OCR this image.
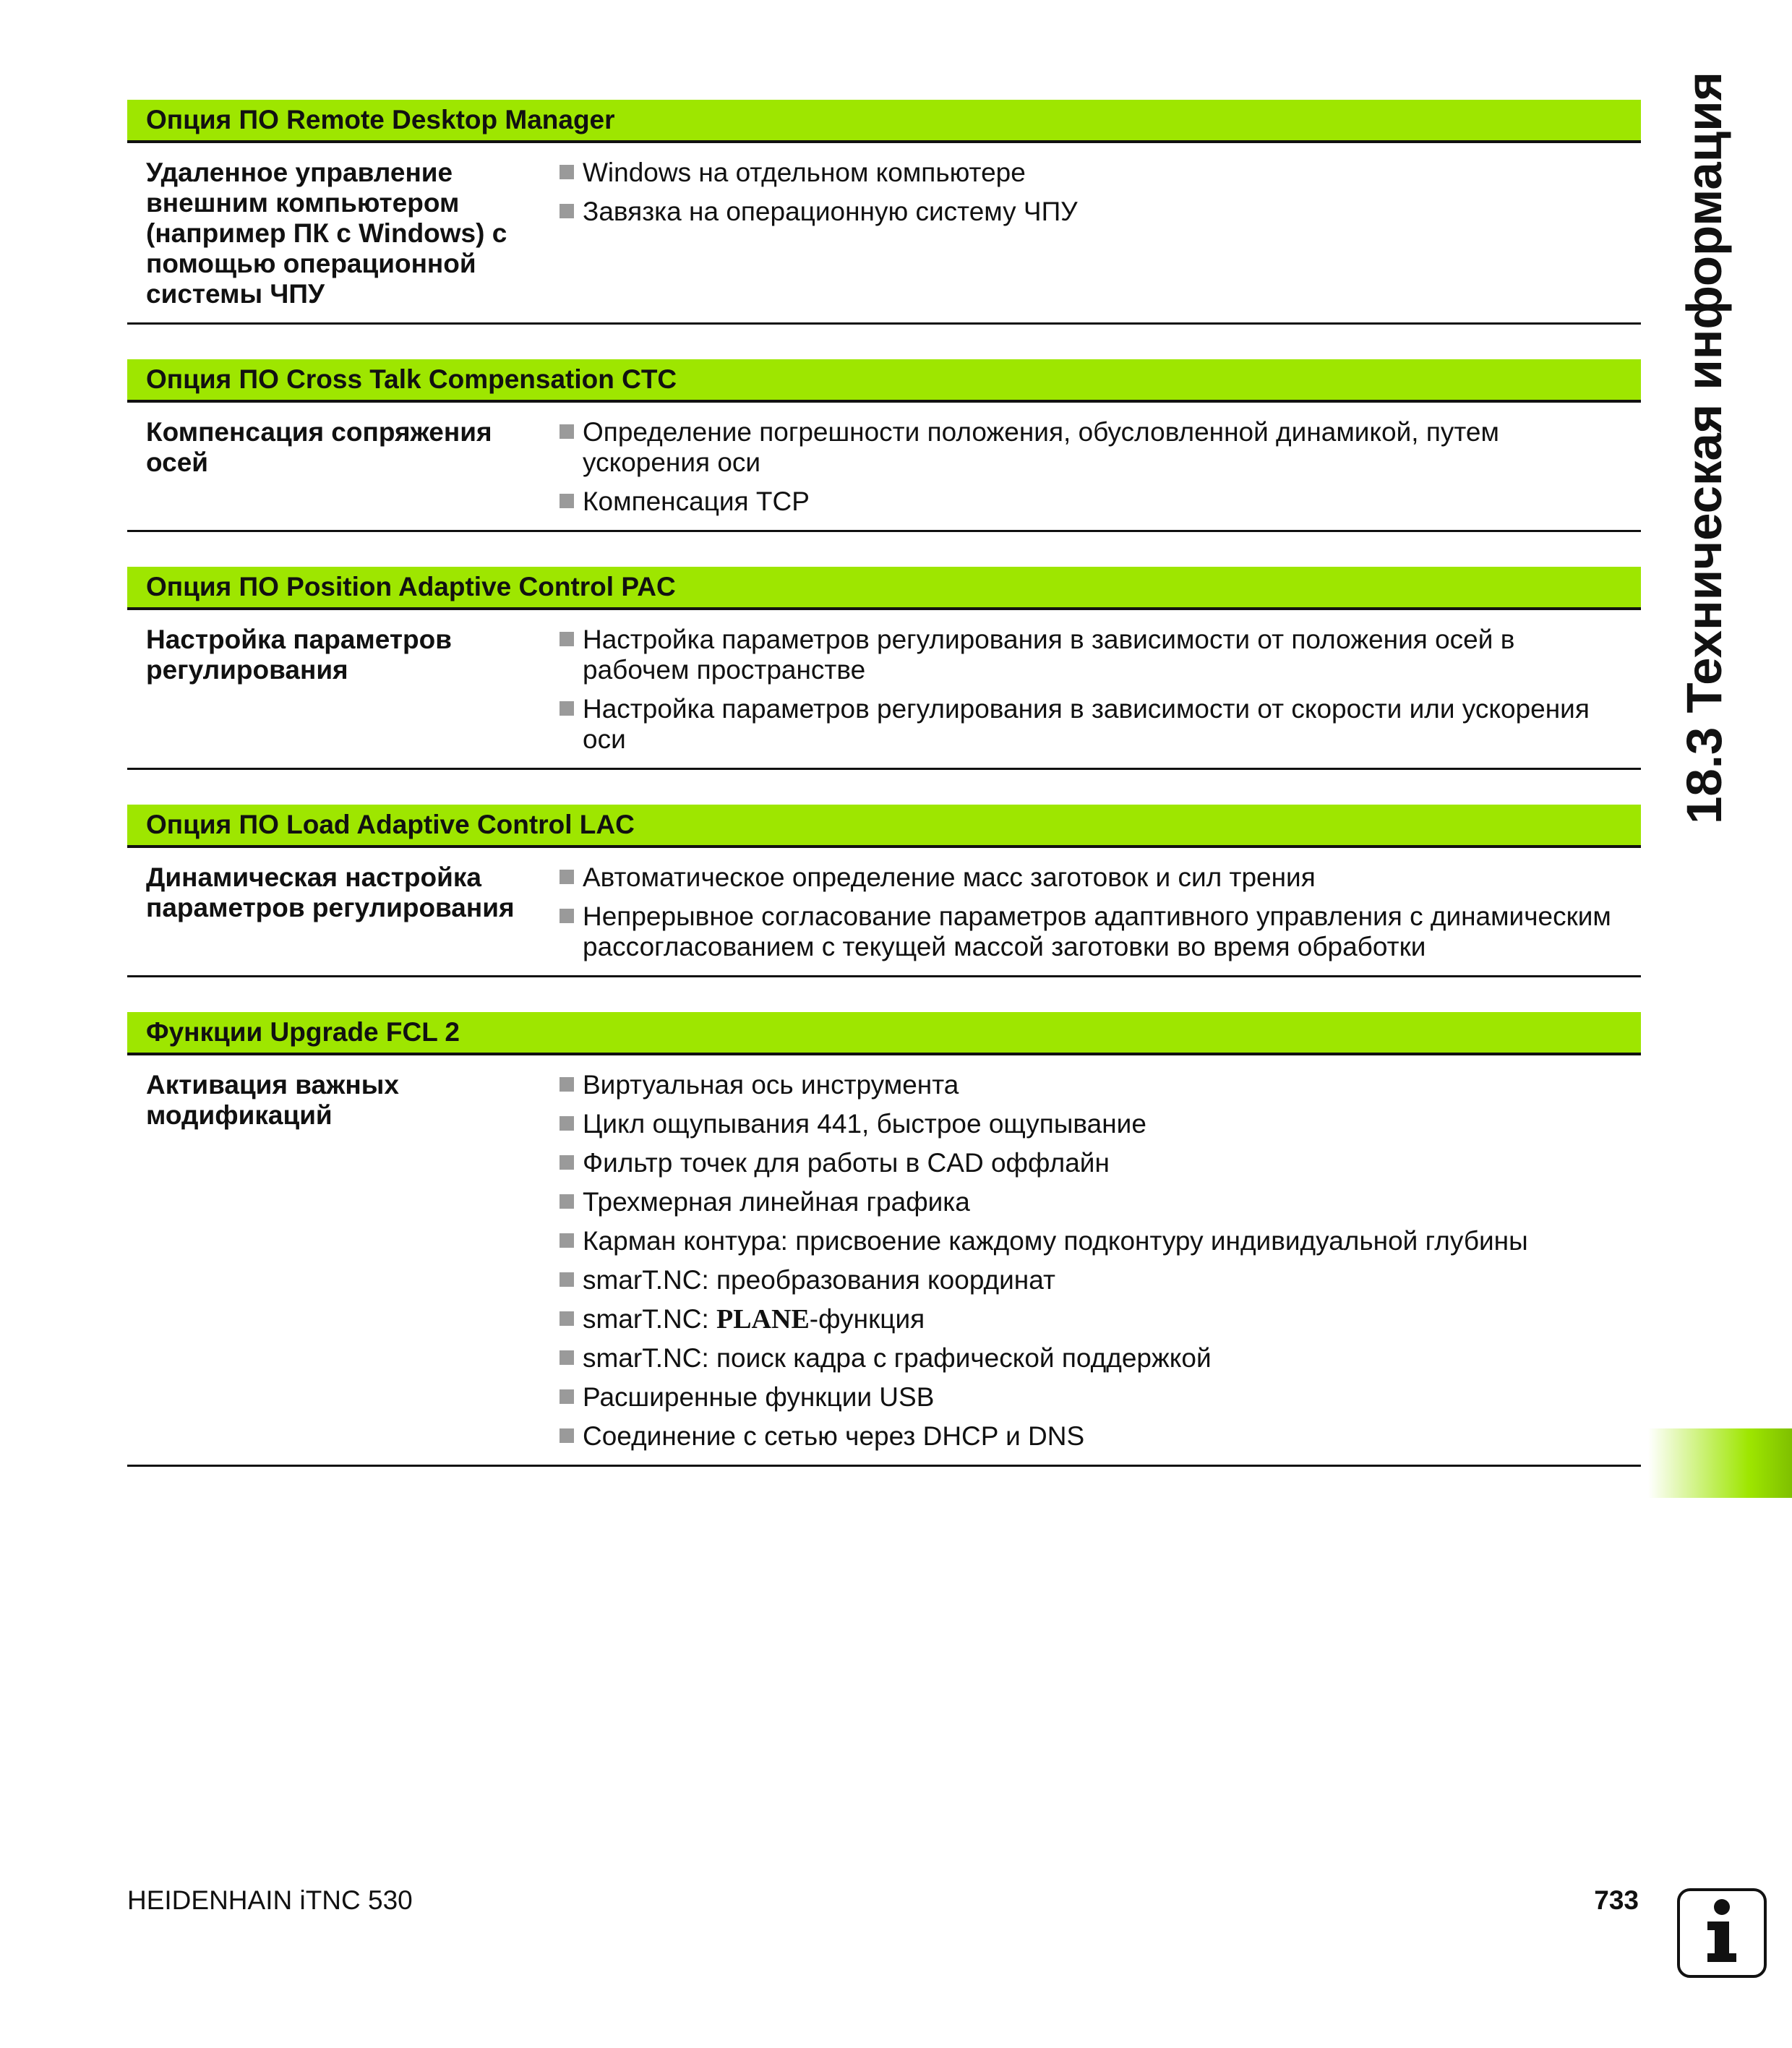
Опция ПО Remote Desktop Manager
Удаленное управление внешним компьютером (например ПК с Windows) с помощью операционной системы ЧПУ
Windows на отдельном компьютере
Завязка на операционную систему ЧПУ
Опция ПО Cross Talk Compensation CTC
Компенсация сопряжения осей
Определение погрешности положения, обусловленной динамикой, путем ускорения оси
Компенсация TCP
Опция ПО Position Adaptive Control PAC
Настройка параметров регулирования
Настройка параметров регулирования в зависимости от положения осей в рабочем пространстве
Настройка параметров регулирования в зависимости от скорости или ускорения оси
Опция ПО Load Adaptive Control LAC
Динамическая настройка параметров регулирования
Автоматическое определение масс заготовок и сил трения
Непрерывное согласование параметров адаптивного управления с динамическим рассогласованием с текущей массой заготовки во время обработки
Функции Upgrade FCL 2
Активация важных модификаций
Виртуальная ось инструмента
Цикл ощупывания 441, быстрое ощупывание
Фильтр точек для работы в CAD оффлайн
Трехмерная линейная графика
Карман контура: присвоение каждому подконтуру индивидуальной глубины
smarT.NC: преобразования координат
smarT.NC: PLANE-функция
smarT.NC: поиск кадра с графической поддержкой
Расширенные функции USB
Соединение с сетью через DHCP и DNS
18.3 Техническая информация
HEIDENHAIN iTNC 530	733
